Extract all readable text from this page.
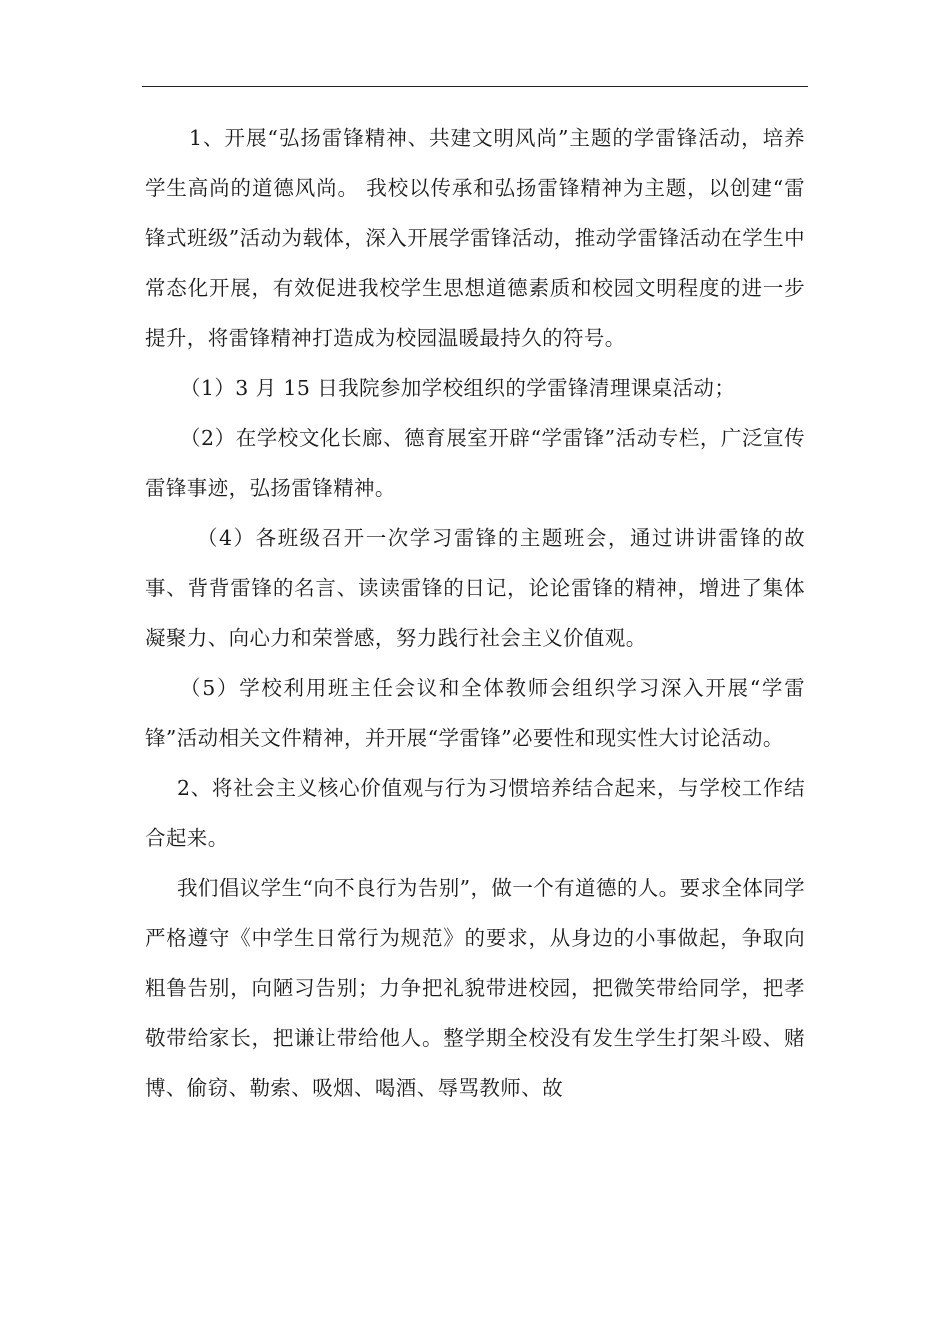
1、开展“弘扬雷锋精神、共建文明风尚”主题的学雷锋活动，培养学生高尚的道德风尚。 我校以传承和弘扬雷锋精神为主题，以创建“雷锋式班级”活动为载体，深入开展学雷锋活动，推动学雷锋活动在学生中常态化开展，有效促进我校学生思想道德素质和校园文明程度的进一步提升，将雷锋精神打造成为校园温暖最持久的符号。

（1）3 月 15 日我院参加学校组织的学雷锋清理课桌活动；

（2）在学校文化长廊、德育展室开辟“学雷锋”活动专栏，广泛宣传雷锋事迹，弘扬雷锋精神。

（4）各班级召开一次学习雷锋的主题班会，通过讲讲雷锋的故事、背背雷锋的名言、读读雷锋的日记，论论雷锋的精神，增进了集体凝聚力、向心力和荣誉感，努力践行社会主义价值观。

（5）学校利用班主任会议和全体教师会组织学习深入开展“学雷锋”活动相关文件精神，并开展“学雷锋”必要性和现实性大讨论活动。

2、将社会主义核心价值观与行为习惯培养结合起来，与学校工作结合起来。

我们倡议学生“向不良行为告别”，做一个有道德的人。要求全体同学严格遵守《中学生日常行为规范》的要求，从身边的小事做起，争取向粗鲁告别，向陋习告别；力争把礼貌带进校园，把微笑带给同学，把孝敬带给家长，把谦让带给他人。整学期全校没有发生学生打架斗殴、赌博、偷窃、勒索、吸烟、喝酒、辱骂教师、故
